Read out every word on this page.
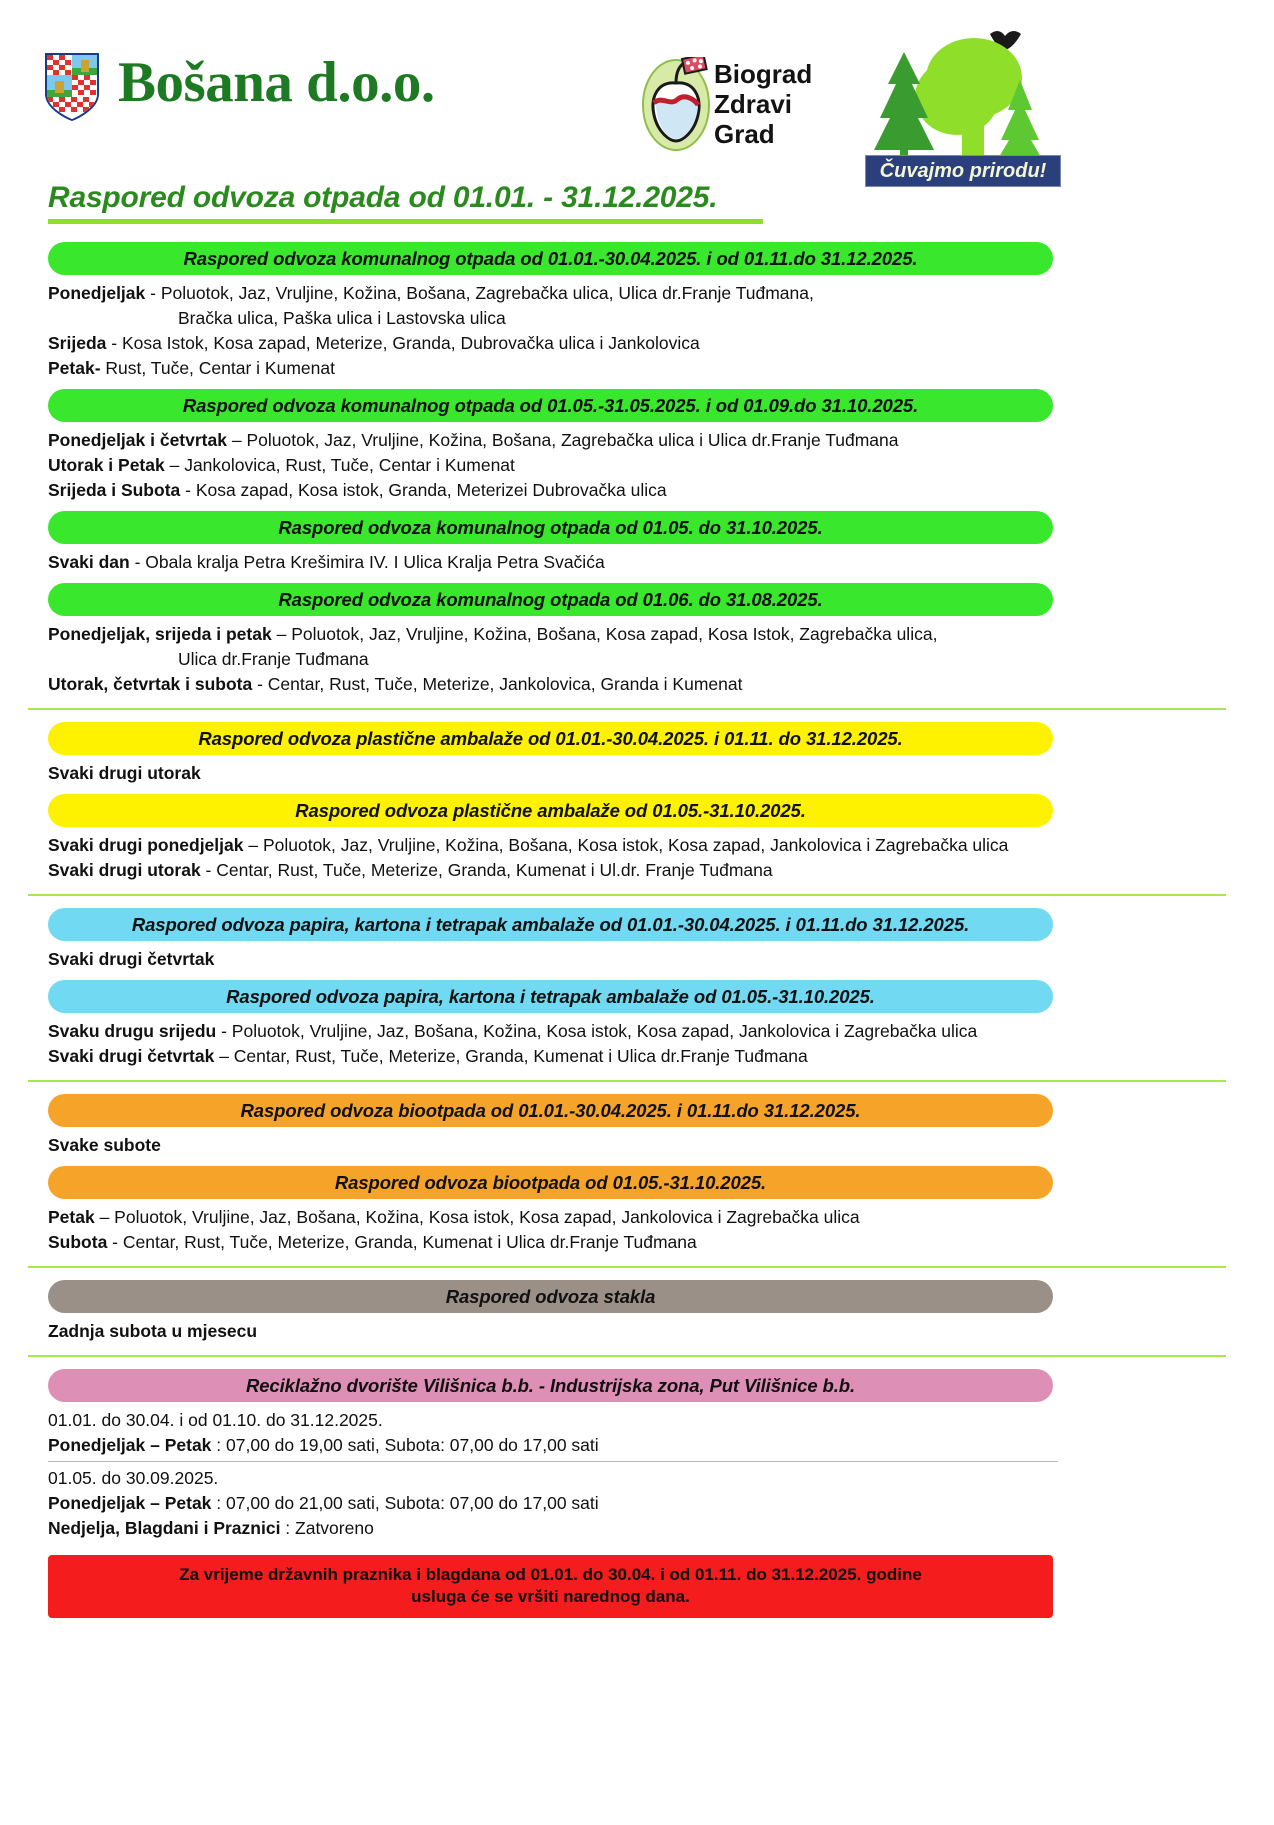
Bošana d.o.o.	Biograd
Zdravi
Grad
Čuvajmo prirodu!
Raspored odvoza otpada od 01.01. - 31.12.2025.
Raspored odvoza komunalnog otpada od 01.01.-30.04.2025. i od 01.11.do 31.12.2025.
Ponedjeljak - Poluotok, Jaz, Vruljine, Kožina, Bošana, Zagrebačka ulica, Ulica dr.Franje Tuđmana,
Bračka ulica, Paška ulica i Lastovska ulica
Srijeda - Kosa Istok, Kosa zapad, Meterize, Granda, Dubrovačka ulica i Jankolovica
Petak- Rust, Tuče, Centar i Kumenat
Raspored odvoza komunalnog otpada od 01.05.-31.05.2025. i od 01.09.do 31.10.2025.
Ponedjeljak i četvrtak – Poluotok, Jaz, Vruljine, Kožina, Bošana, Zagrebačka ulica i Ulica dr.Franje Tuđmana
Utorak i Petak – Jankolovica, Rust, Tuče, Centar i Kumenat
Srijeda i Subota - Kosa zapad, Kosa istok, Granda, Meterizei Dubrovačka ulica
Raspored odvoza komunalnog otpada od 01.05. do 31.10.2025.
Svaki dan - Obala kralja Petra Krešimira IV. I Ulica Kralja Petra Svačića
Raspored odvoza komunalnog otpada od 01.06. do 31.08.2025.
Ponedjeljak, srijeda i petak – Poluotok, Jaz, Vruljine, Kožina, Bošana, Kosa zapad, Kosa Istok, Zagrebačka ulica,
Ulica dr.Franje Tuđmana
Utorak, četvrtak i subota - Centar, Rust, Tuče, Meterize, Jankolovica, Granda i Kumenat
Raspored odvoza plastične ambalaže od 01.01.-30.04.2025. i 01.11. do 31.12.2025.
Svaki drugi utorak
Raspored odvoza plastične ambalaže od 01.05.-31.10.2025.
Svaki drugi ponedjeljak – Poluotok, Jaz, Vruljine, Kožina, Bošana, Kosa istok, Kosa zapad, Jankolovica i Zagrebačka ulica
Svaki drugi utorak - Centar, Rust, Tuče, Meterize, Granda, Kumenat i Ul.dr. Franje Tuđmana
Raspored odvoza papira, kartona i tetrapak ambalaže od 01.01.-30.04.2025. i 01.11.do 31.12.2025.
Svaki drugi četvrtak
Raspored odvoza papira, kartona i tetrapak ambalaže od 01.05.-31.10.2025.
Svaku drugu srijedu - Poluotok, Vruljine, Jaz, Bošana, Kožina, Kosa istok, Kosa zapad, Jankolovica i Zagrebačka ulica
Svaki drugi četvrtak – Centar, Rust, Tuče, Meterize, Granda, Kumenat i Ulica dr.Franje Tuđmana
Raspored odvoza biootpada od 01.01.-30.04.2025. i 01.11.do 31.12.2025.
Svake subote
Raspored odvoza biootpada od 01.05.-31.10.2025.
Petak – Poluotok, Vruljine, Jaz, Bošana, Kožina, Kosa istok, Kosa zapad, Jankolovica i Zagrebačka ulica
Subota - Centar, Rust, Tuče, Meterize, Granda, Kumenat i Ulica dr.Franje Tuđmana
Raspored odvoza stakla
Zadnja subota u mjesecu
Reciklažno dvorište Vilišnica b.b. - Industrijska zona, Put Vilišnice b.b.
01.01. do 30.04. i od 01.10. do 31.12.2025.
Ponedjeljak – Petak : 07,00 do 19,00 sati, Subota: 07,00 do 17,00 sati
01.05. do 30.09.2025.
Ponedjeljak – Petak : 07,00 do 21,00 sati, Subota: 07,00 do 17,00 sati
Nedjelja, Blagdani i Praznici : Zatvoreno
Za vrijeme državnih praznika i blagdana od 01.01. do 30.04. i od 01.11. do 31.12.2025. godine
usluga će se vršiti narednog dana.
